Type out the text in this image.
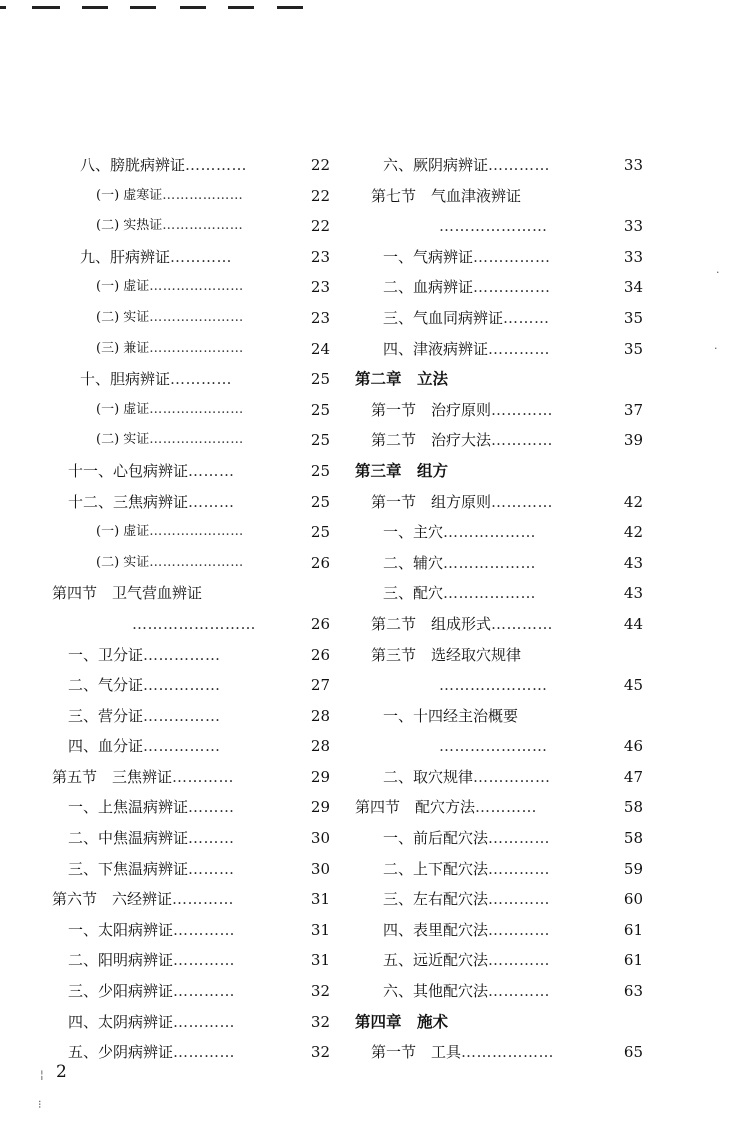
八、膀胱病辨证…………	22
(一) 虚寒证………………	22
(二) 实热证………………	22
九、肝病辨证…………	23
(一) 虚证…………………	23
(二) 实证…………………	23
(三) 兼证…………………	24
十、胆病辨证…………	25
(一) 虚证…………………	25
(二) 实证…………………	25
十一、心包病辨证………	25
十二、三焦病辨证………	25
(一) 虚证…………………	25
(二) 实证…………………	26
第四节　卫气营血辨证
……………………	26
一、卫分证……………	26
二、气分证……………	27
三、营分证……………	28
四、血分证……………	28
第五节　三焦辨证…………	29
一、上焦温病辨证………	29
二、中焦温病辨证………	30
三、下焦温病辨证………	30
第六节　六经辨证…………	31
一、太阳病辨证…………	31
二、阳明病辨证…………	31
三、少阳病辨证…………	32
四、太阴病辨证…………	32
五、少阴病辨证…………	32
六、厥阴病辨证…………	33
第七节　气血津液辨证
…………………	33
一、气病辨证……………	33
二、血病辨证……………	34
三、气血同病辨证………	35
四、津液病辨证…………	35
第二章　立法
第一节　治疗原则…………	37
第二节　治疗大法…………	39
第三章　组方
第一节　组方原则…………	42
一、主穴………………	42
二、辅穴………………	43
三、配穴………………	43
第二节　组成形式…………	44
第三节　选经取穴规律
…………………	45
一、十四经主治概要
…………………	46
二、取穴规律……………	47
第四节　配穴方法…………	58
一、前后配穴法…………	58
二、上下配穴法…………	59
三、左右配穴法…………	60
四、表里配穴法…………	61
五、远近配穴法…………	61
六、其他配穴法…………	63
第四章　施术
第一节　工具………………	65
2
¦
⁝
·
·
